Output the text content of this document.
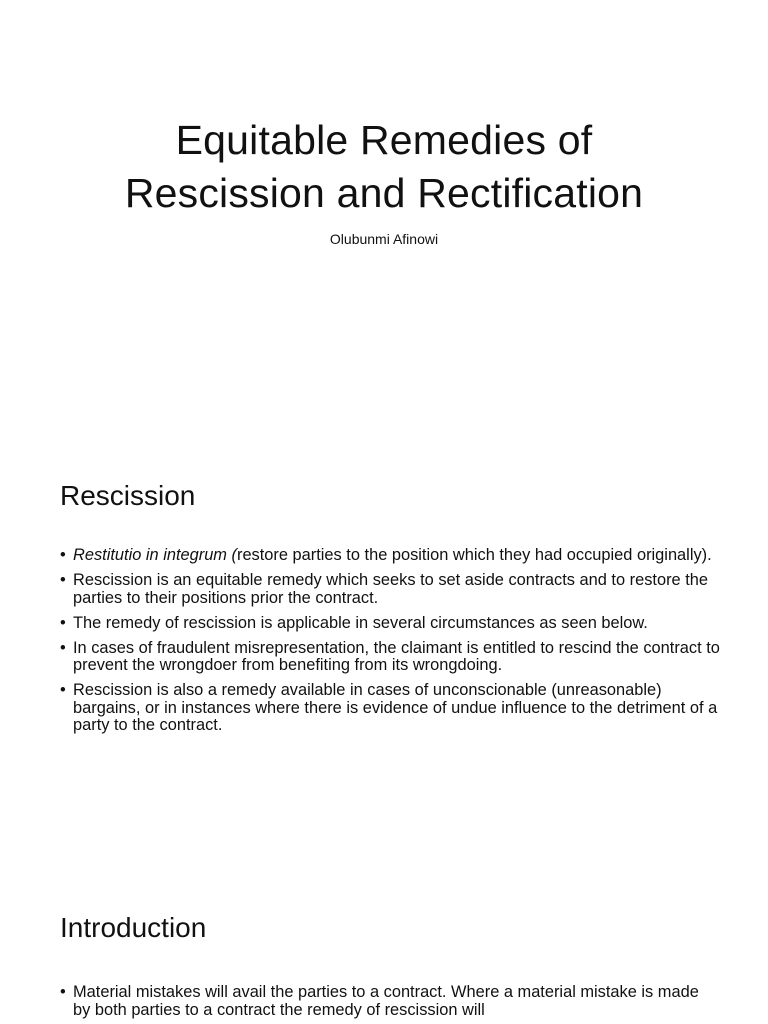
Equitable Remedies of
Rescission and Rectification
Olubunmi Afinowi
Rescission
• Restitutio in integrum (restore parties to the position which they had occupied originally).
• Rescission is an equitable remedy which seeks to set aside contracts and to restore the parties to their positions prior the contract.
• The remedy of rescission is applicable in several circumstances as seen below.
• In cases of fraudulent misrepresentation, the claimant is entitled to rescind the contract to prevent the wrongdoer from benefiting from its wrongdoing.
• Rescission is also a remedy available in cases of unconscionable (unreasonable) bargains, or in instances where there is evidence of undue influence to the detriment of a party to the contract.
Introduction
• Material mistakes will avail the parties to a contract. Where a material mistake is made by both parties to a contract the remedy of rescission will
